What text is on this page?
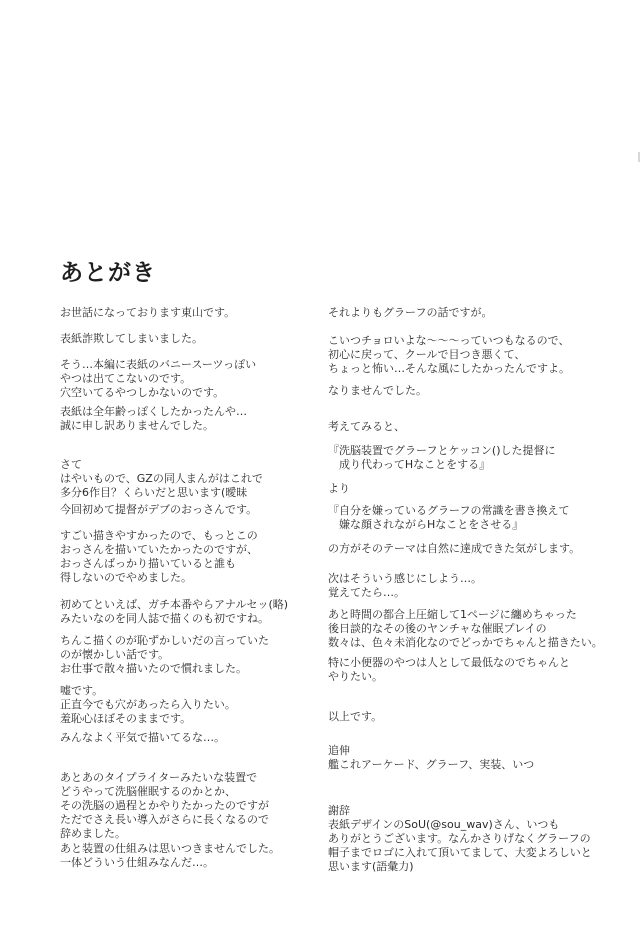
あとがき

お世話になっております東山です。

表紙詐欺してしまいました。

そう…本編に表紙のバニースーツっぽい
やつは出てこないのです。
穴空いてるやつしかないのです。

表紙は全年齢っぽくしたかったんや…
誠に申し訳ありませんでした。

さて
はやいもので、GZの同人まんがはこれで
多分6作目？くらいだと思います(曖昧

今回初めて提督がデブのおっさんです。

すごい描きやすかったので、もっとこの
おっさんを描いていたかったのですが、
おっさんばっかり描いていると誰も
得しないのでやめました。

初めてといえば、ガチ本番やらアナルセッ(略)
みたいなのを同人誌で描くのも初ですね。

ちんこ描くのが恥ずかしいだの言っていた
のが懐かしい話です。
お仕事で散々描いたので慣れました。

嘘です。
正直今でも穴があったら入りたい。
羞恥心ほぼそのままです。

みんなよく平気で描いてるな…。

あとあのタイプライターみたいな装置で
どうやって洗脳催眠するのかとか、
その洗脳の過程とかやりたかったのですが
ただでさえ長い導入がさらに長くなるので
辞めました。

あと装置の仕組みは思いつきませんでした。
一体どういう仕組みなんだ…。

それよりもグラーフの話ですが。

こいつチョロいよな〜〜〜っていつもなるので、
初心に戻って、クールで目つき悪くて、
ちょっと怖い…そんな風にしたかったんですよ。

なりませんでした。

考えてみると、

『洗脳装置でグラーフとケッコン()した提督に
　成り代わってHなことをする』

より

『自分を嫌っているグラーフの常識を書き換えて
　嫌な顔されながらHなことをさせる』

の方がそのテーマは自然に達成できた気がします。

次はそういう感じにしよう…。
覚えてたら…。

あと時間の都合上圧縮して1ページに纏めちゃった
後日談的なその後のヤンチャな催眠プレイの
数々は、色々未消化なのでどっかでちゃんと描きたい。

特に小便器のやつは人として最低なのでちゃんと
やりたい。

以上です。

追伸
艦これアーケード、グラーフ、実装、いつ

謝辞
表紙デザインのSoU(@sou_wav)さん、いつも
ありがとうございます。なんかさりげなくグラーフの
帽子までロゴに入れて頂いてまして、大変よろしいと
思います(語彙力)
